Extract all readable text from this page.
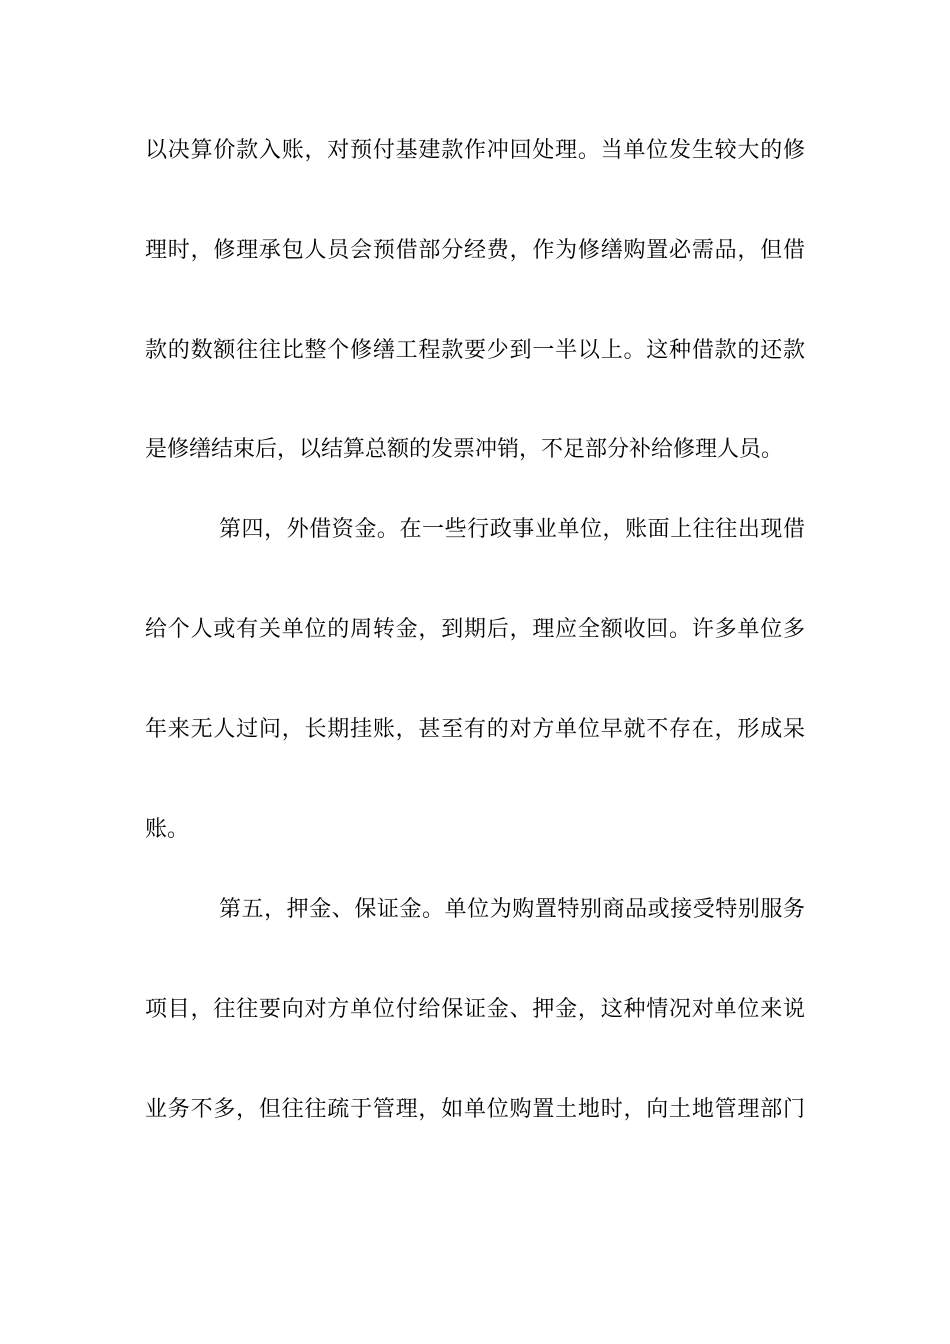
以决算价款入账，对预付基建款作冲回处理。当单位发生较大的修
理时，修理承包人员会预借部分经费，作为修缮购置必需品，但借
款的数额往往比整个修缮工程款要少到一半以上。这种借款的还款
是修缮结束后，以结算总额的发票冲销，不足部分补给修理人员。
第四，外借资金。在一些行政事业单位，账面上往往出现借
给个人或有关单位的周转金，到期后，理应全额收回。许多单位多
年来无人过问，长期挂账，甚至有的对方单位早就不存在，形成呆
账。
第五，押金、保证金。单位为购置特别商品或接受特别服务
项目，往往要向对方单位付给保证金、押金，这种情况对单位来说
业务不多，但往往疏于管理，如单位购置土地时，向土地管理部门
